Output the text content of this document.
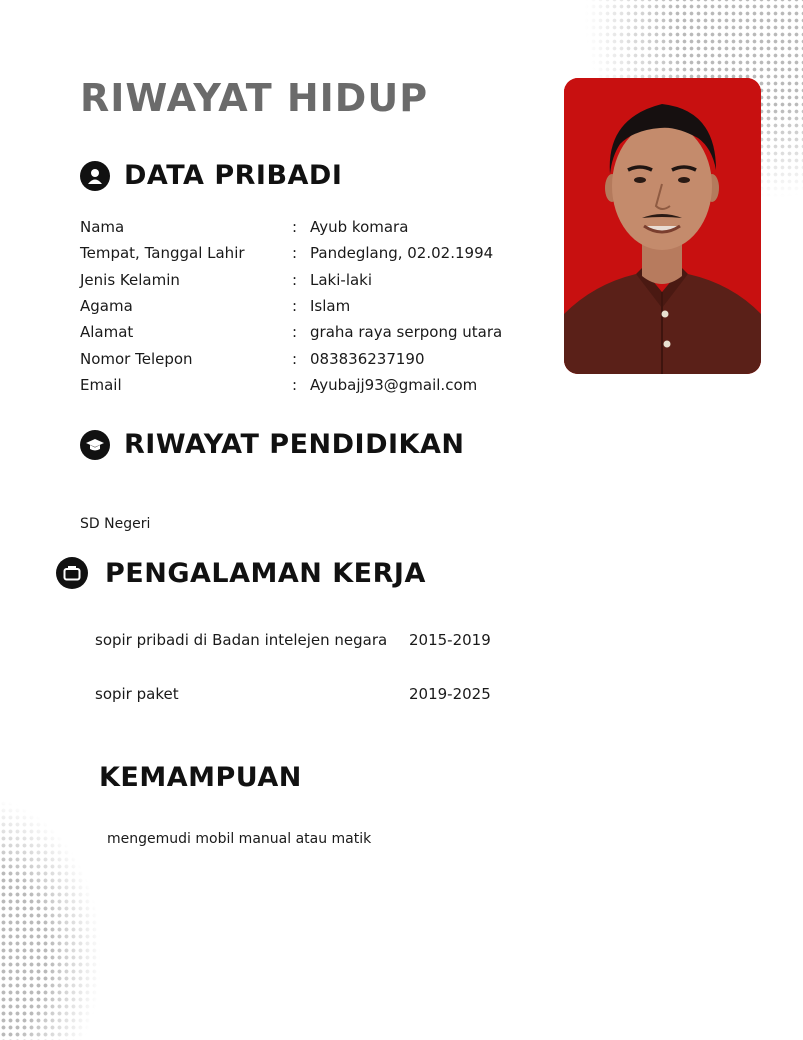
RIWAYAT HIDUP
DATA PRIBADI
Nama	: Ayub komara
Tempat, Tanggal Lahir	: Pandeglang, 02.02.1994
Jenis Kelamin	: Laki-laki
Agama	: Islam
Alamat	: graha raya serpong utara
Nomor Telepon	: 083836237190
Email	: Ayubajj93@gmail.com
RIWAYAT PENDIDIKAN
SD Negeri
PENGALAMAN KERJA
sopir pribadi di Badan intelejen negara	2015-2019
sopir paket	2019-2025
KEMAMPUAN
mengemudi mobil manual atau matik
